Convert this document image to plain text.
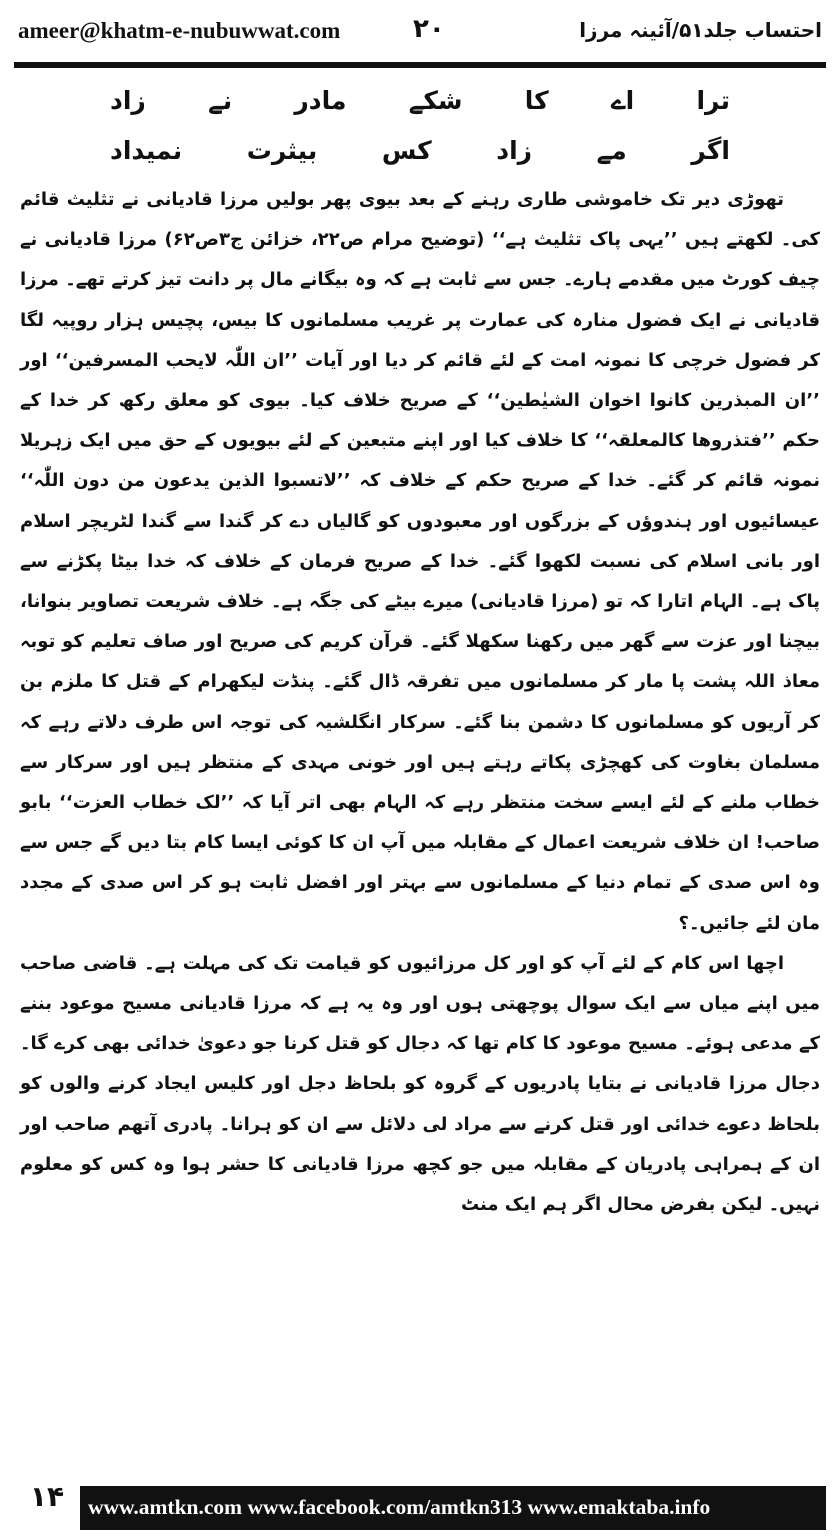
ameer@khatm-e-nubuwwat.com	۲۰	احتساب جلد۵۱/آئینہ مرزا
ترا اے کا شکے مادر نے زاد
اگر مے زاد کس بیثرت نمیداد

تھوڑی دیر تک خاموشی طاری رہنے کے بعد بیوی پھر بولیں مرزا قادیانی نے تثلیث قائم کی۔ لکھتے ہیں ’’یہی پاک تثلیث ہے‘‘ (توضیح مرام ص۲۲، خزائن ج۳ص۶۲) مرزا قادیانی نے چیف کورٹ میں مقدمے ہارے۔ جس سے ثابت ہے کہ وہ بیگانے مال پر دانت تیز کرتے تھے۔ مرزا قادیانی نے ایک فضول منارہ کی عمارت پر غریب مسلمانوں کا بیس، پچیس ہزار روپیہ لگا کر فضول خرچی کا نمونہ امت کے لئے قائم کر دیا اور آیات ’’ان اللّٰہ لایحب المسرفین‘‘ اور ’’ان المبذرین کانوا اخوان الشیٰطین‘‘ کے صریح خلاف کیا۔ بیوی کو معلق رکھ کر خدا کے حکم ’’فتذروھا کالمعلقہ‘‘ کا خلاف کیا اور اپنے متبعین کے لئے بیویوں کے حق میں ایک زہریلا نمونہ قائم کر گئے۔ خدا کے صریح حکم کے خلاف کہ ’’لاتسبوا الذین یدعون من دون اللّٰہ‘‘ عیسائیوں اور ہندوؤں کے بزرگوں اور معبودوں کو گالیاں دے کر گندا سے گندا لٹریچر اسلام اور بانی اسلام کی نسبت لکھوا گئے۔ خدا کے صریح فرمان کے خلاف کہ خدا بیٹا پکڑنے سے پاک ہے۔ الہام اتارا کہ تو (مرزا قادیانی) میرے بیٹے کی جگہ ہے۔ خلاف شریعت تصاویر بنوانا، بیچنا اور عزت سے گھر میں رکھنا سکھلا گئے۔ قرآن کریم کی صریح اور صاف تعلیم کو توبہ معاذ اللہ پشت پا مار کر مسلمانوں میں تفرقہ ڈال گئے۔ پنڈت لیکھرام کے قتل کا ملزم بن کر آریوں کو مسلمانوں کا دشمن بنا گئے۔ سرکار انگلشیہ کی توجہ اس طرف دلاتے رہے کہ مسلمان بغاوت کی کھچڑی پکاتے رہتے ہیں اور خونی مہدی کے منتظر ہیں اور سرکار سے خطاب ملنے کے لئے ایسے سخت منتظر رہے کہ الہام بھی اتر آیا کہ ’’لک خطاب العزت‘‘ بابو صاحب! ان خلاف شریعت اعمال کے مقابلہ میں آپ ان کا کوئی ایسا کام بتا دیں گے جس سے وہ اس صدی کے تمام دنیا کے مسلمانوں سے بہتر اور افضل ثابت ہو کر اس صدی کے مجدد مان لئے جائیں۔؟

اچھا اس کام کے لئے آپ کو اور کل مرزائیوں کو قیامت تک کی مہلت ہے۔ قاضی صاحب میں اپنے میاں سے ایک سوال پوچھتی ہوں اور وہ یہ ہے کہ مرزا قادیانی مسیح موعود بننے کے مدعی ہوئے۔ مسیح موعود کا کام تھا کہ دجال کو قتل کرنا جو دعویٰ خدائی بھی کرے گا۔ دجال مرزا قادیانی نے بتایا پادریوں کے گروہ کو بلحاظ دجل اور کلیس ایجاد کرنے والوں کو بلحاظ دعوے خدائی اور قتل کرنے سے مراد لی دلائل سے ان کو ہرانا۔ پادری آتھم صاحب اور ان کے ہمراہی پادریان کے مقابلہ میں جو کچھ مرزا قادیانی کا حشر ہوا وہ کس کو معلوم نہیں۔ لیکن بفرض محال اگر ہم ایک منٹ

۱۴	www.amtkn.com www.facebook.com/amtkn313 www.emaktaba.info
